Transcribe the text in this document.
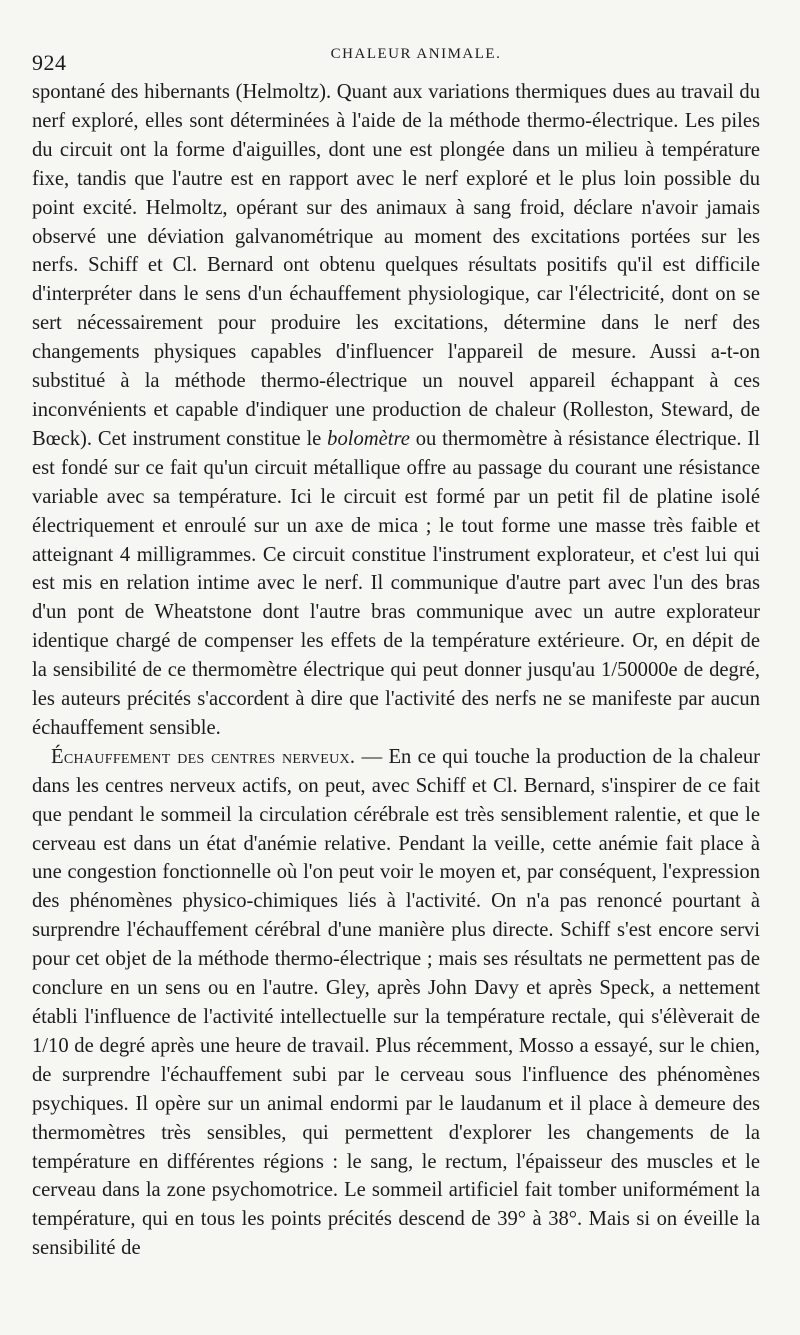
924	CHALEUR ANIMALE.

spontané des hibernants (Helmoltz). Quant aux variations thermiques dues au travail du nerf exploré, elles sont déterminées à l'aide de la méthode thermo-électrique. Les piles du circuit ont la forme d'aiguilles, dont une est plongée dans un milieu à température fixe, tandis que l'autre est en rapport avec le nerf exploré et le plus loin possible du point excité. Helmoltz, opérant sur des animaux à sang froid, déclare n'avoir jamais observé une déviation galvanométrique au moment des excitations portées sur les nerfs. Schiff et Cl. Bernard ont obtenu quelques résultats positifs qu'il est difficile d'interpréter dans le sens d'un échauffement physiologique, car l'électricité, dont on se sert nécessairement pour produire les excitations, détermine dans le nerf des changements physiques capables d'influencer l'appareil de mesure. Aussi a-t-on substitué à la méthode thermo-électrique un nouvel appareil échappant à ces inconvénients et capable d'indiquer une production de chaleur (Rolleston, Steward, de Bœck). Cet instrument constitue le bolomètre ou thermomètre à résistance électrique. Il est fondé sur ce fait qu'un circuit métallique offre au passage du courant une résistance variable avec sa température. Ici le circuit est formé par un petit fil de platine isolé électriquement et enroulé sur un axe de mica ; le tout forme une masse très faible et atteignant 4 milligrammes. Ce circuit constitue l'instrument explorateur, et c'est lui qui est mis en relation intime avec le nerf. Il communique d'autre part avec l'un des bras d'un pont de Wheatstone dont l'autre bras communique avec un autre explorateur identique chargé de compenser les effets de la température extérieure. Or, en dépit de la sensibilité de ce thermomètre électrique qui peut donner jusqu'au 1/50000e de degré, les auteurs précités s'accordent à dire que l'activité des nerfs ne se manifeste par aucun échauffement sensible.

Échauffement des centres nerveux. — En ce qui touche la production de la chaleur dans les centres nerveux actifs, on peut, avec Schiff et Cl. Bernard, s'inspirer de ce fait que pendant le sommeil la circulation cérébrale est très sensiblement ralentie, et que le cerveau est dans un état d'anémie relative. Pendant la veille, cette anémie fait place à une congestion fonctionnelle où l'on peut voir le moyen et, par conséquent, l'expression des phénomènes physico-chimiques liés à l'activité. On n'a pas renoncé pourtant à surprendre l'échauffement cérébral d'une manière plus directe. Schiff s'est encore servi pour cet objet de la méthode thermo-électrique ; mais ses résultats ne permettent pas de conclure en un sens ou en l'autre. Gley, après John Davy et après Speck, a nettement établi l'influence de l'activité intellectuelle sur la température rectale, qui s'élèverait de 1/10 de degré après une heure de travail. Plus récemment, Mosso a essayé, sur le chien, de surprendre l'échauffement subi par le cerveau sous l'influence des phénomènes psychiques. Il opère sur un animal endormi par le laudanum et il place à demeure des thermomètres très sensibles, qui permettent d'explorer les changements de la température en différentes régions : le sang, le rectum, l'épaisseur des muscles et le cerveau dans la zone psychomotrice. Le sommeil artificiel fait tomber uniformément la température, qui en tous les points précités descend de 39° à 38°. Mais si on éveille la sensibilité de
